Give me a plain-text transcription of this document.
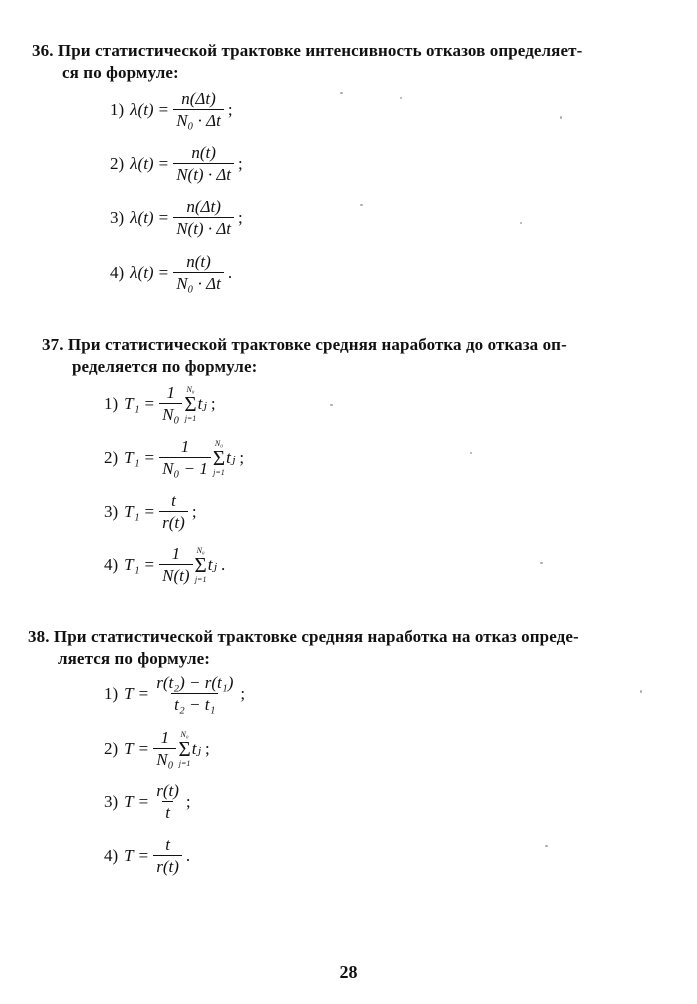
36. При статистической трактовке интенсивность отказов определяет-
ся по формуле:
1) $\lambda(t) = \frac{n(\Delta t)}{\text{N₀ · Δt}}$ ;
2) $\lambda(t) = \frac{n(t)}{N(t) \cdot \Delta t}$ ;
3) $\lambda(t) = \frac{n(\Delta t)}{N(t) \cdot \Delta t}$ ;
4) $\lambda(t) = \frac{n(t)}{\text{N₀ · Δt}}$ .
37. При статистической трактовке средняя наработка до отказа оп-
ределяется по формуле:
1) $T_1 = \frac{1}{\text{N₀}} N_0$
Σ
j=1
tⱼ ;
2) $T_1 = \frac{1}{\text{N₀ − 1}} N_0$
Σ
j=1
tⱼ ;
3) $T_1 = \frac{t}{r(t)}$ ;
4) $T_1 = \frac{1}{N(t)} N_0$
Σ
j=1
tⱼ .
38. При статистической трактовке средняя наработка на отказ опреде-
ляется по формуле:
1) $T = \frac{\text{r(t₂) − r(t₁)}}{\text{t₂ − t₁}}$ ;
2) $T = \frac{1}{\text{N₀}} N_0$
Σ
j=1
tⱼ ;
3) $T = \frac{r(t)}{t}$ ;
4) $T = \frac{t}{r(t)}$ .
28
